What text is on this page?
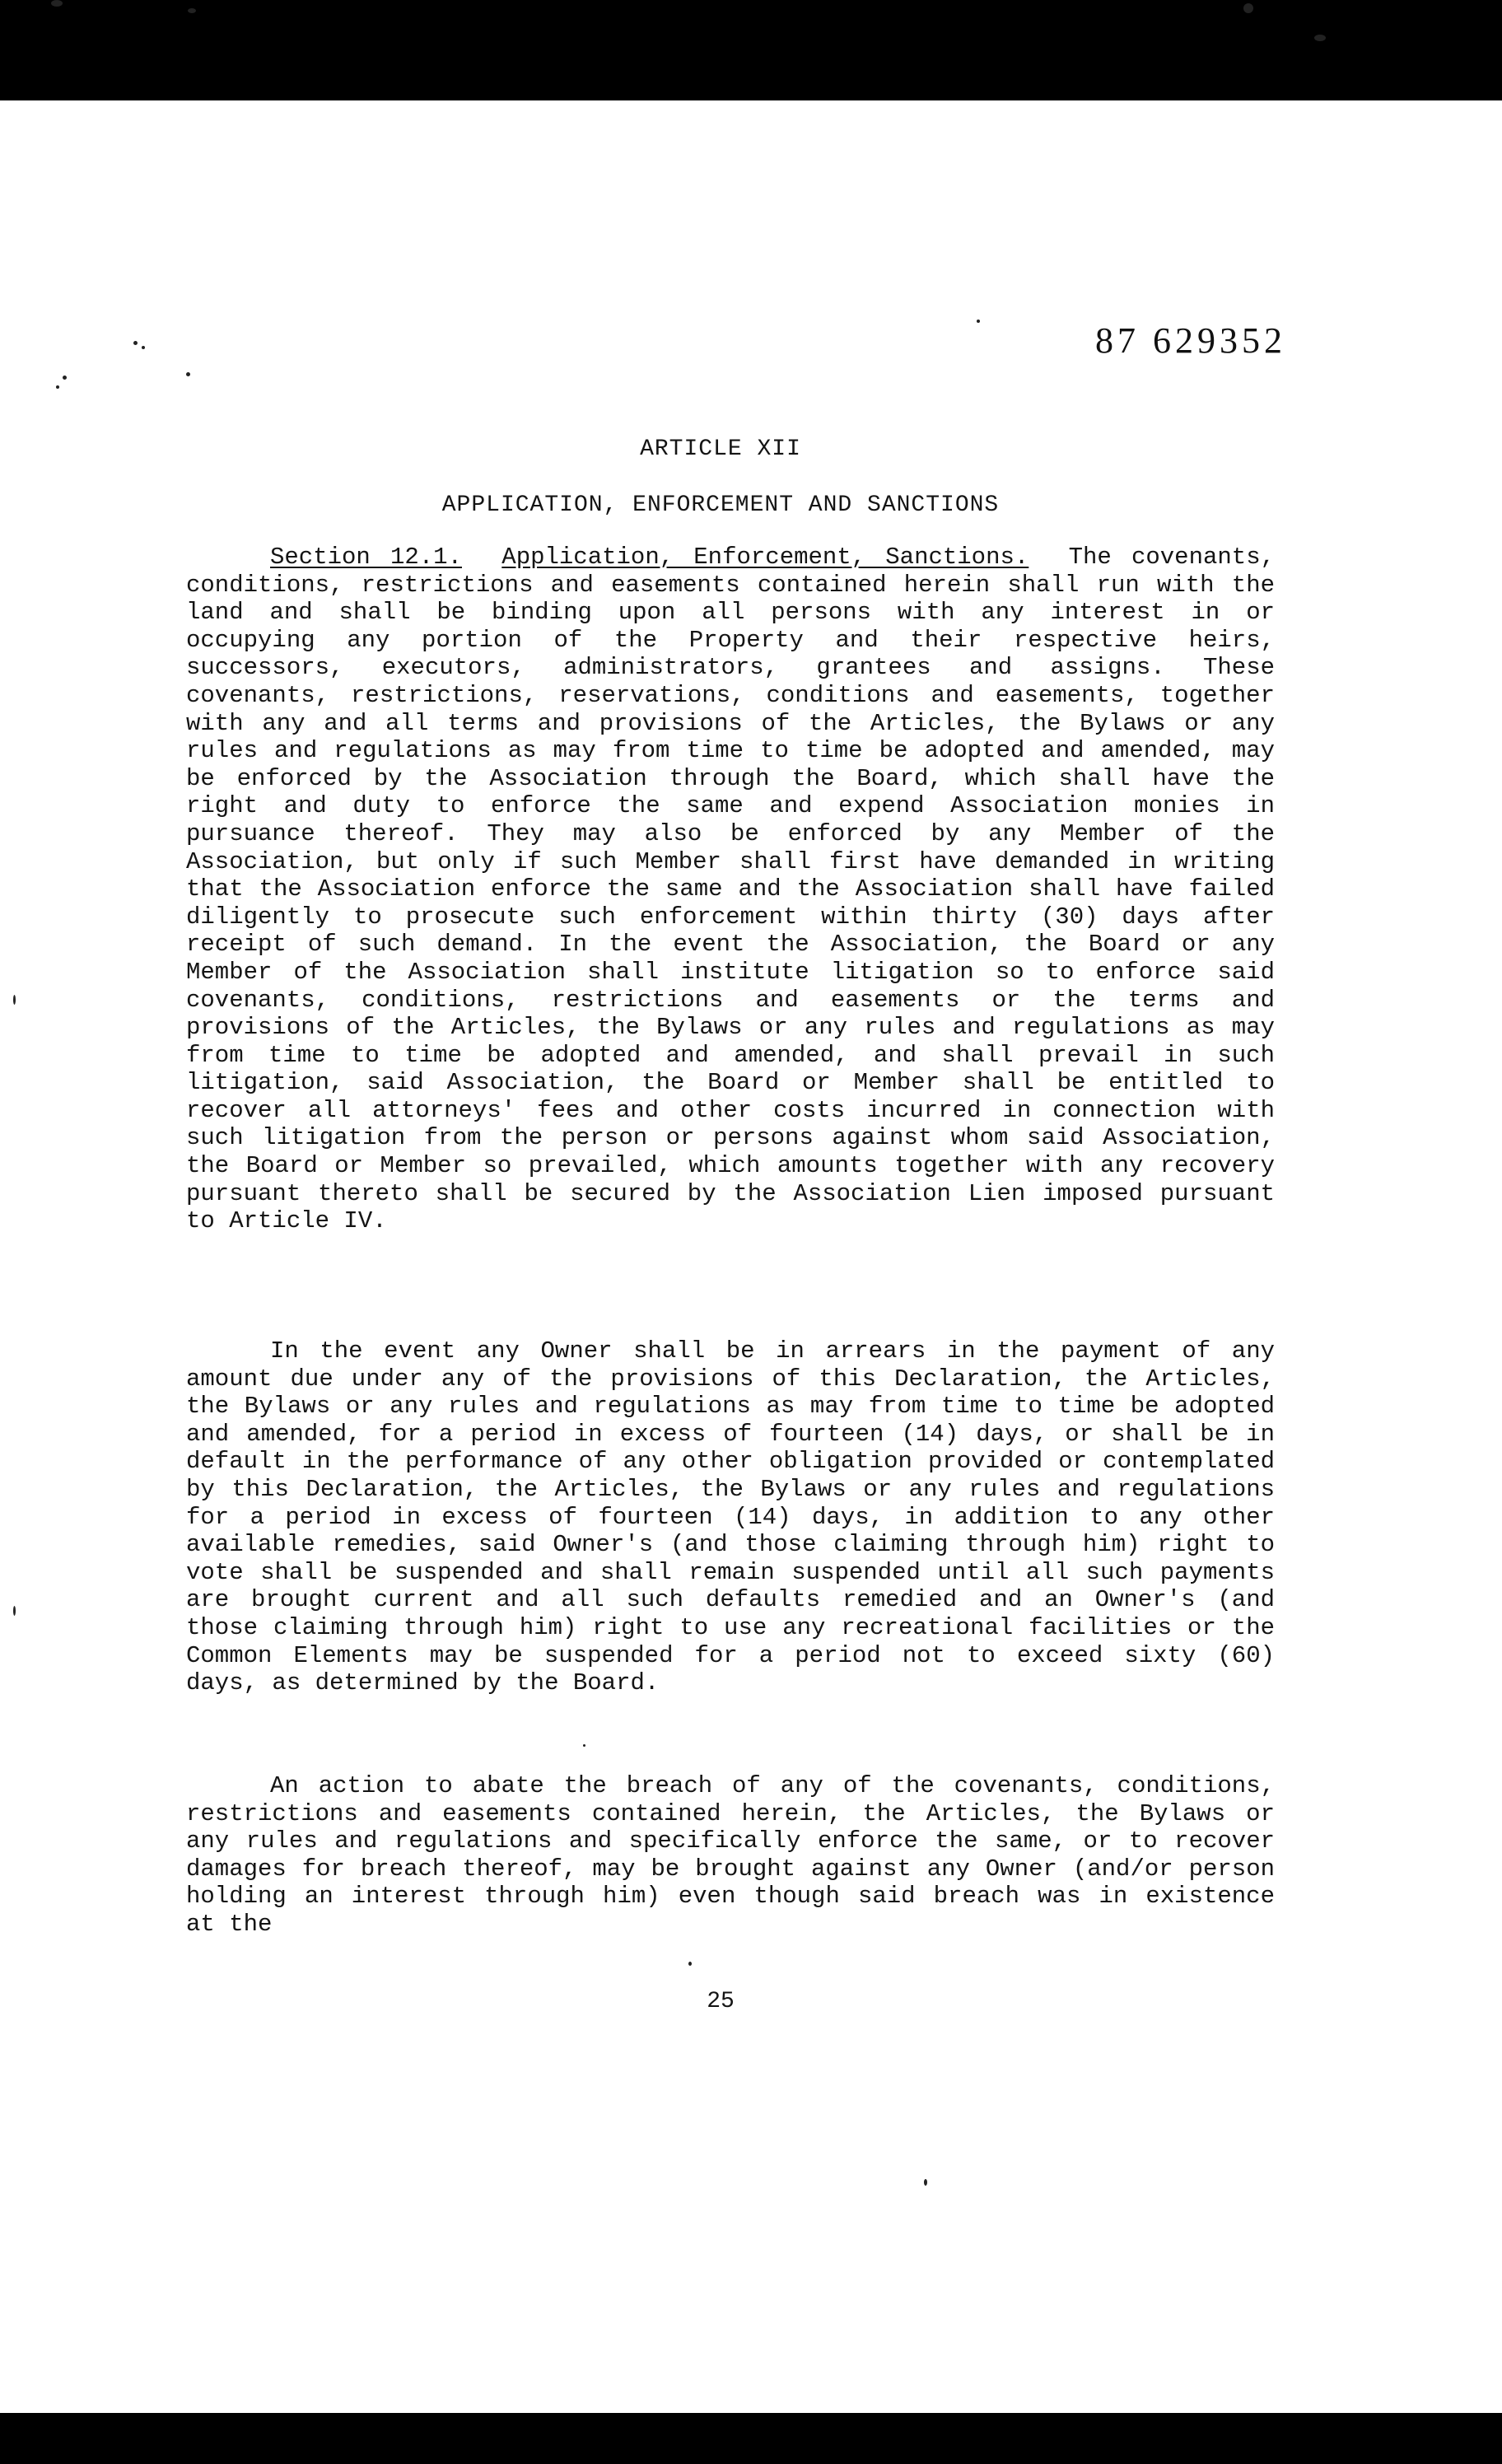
87 629352
ARTICLE XII
APPLICATION, ENFORCEMENT AND SANCTIONS
Section 12.1. Application, Enforcement, Sanctions. The covenants, conditions, restrictions and easements contained herein shall run with the land and shall be binding upon all persons with any interest in or occupying any portion of the Property and their respective heirs, successors, executors, administrators, grantees and assigns. These covenants, restrictions, reservations, conditions and easements, together with any and all terms and provisions of the Articles, the Bylaws or any rules and regulations as may from time to time be adopted and amended, may be enforced by the Association through the Board, which shall have the right and duty to enforce the same and expend Association monies in pursuance thereof. They may also be enforced by any Member of the Association, but only if such Member shall first have demanded in writing that the Association enforce the same and the Association shall have failed diligently to prosecute such enforcement within thirty (30) days after receipt of such demand. In the event the Association, the Board or any Member of the Association shall institute litigation so to enforce said covenants, conditions, restrictions and easements or the terms and provisions of the Articles, the Bylaws or any rules and regulations as may from time to time be adopted and amended, and shall prevail in such litigation, said Association, the Board or Member shall be entitled to recover all attorneys' fees and other costs incurred in connection with such litigation from the person or persons against whom said Association, the Board or Member so prevailed, which amounts together with any recovery pursuant thereto shall be secured by the Association Lien imposed pursuant to Article IV.
In the event any Owner shall be in arrears in the payment of any amount due under any of the provisions of this Declaration, the Articles, the Bylaws or any rules and regulations as may from time to time be adopted and amended, for a period in excess of fourteen (14) days, or shall be in default in the performance of any other obligation provided or contemplated by this Declaration, the Articles, the Bylaws or any rules and regulations for a period in excess of fourteen (14) days, in addition to any other available remedies, said Owner's (and those claiming through him) right to vote shall be suspended and shall remain suspended until all such payments are brought current and all such defaults remedied and an Owner's (and those claiming through him) right to use any recreational facilities or the Common Elements may be suspended for a period not to exceed sixty (60) days, as determined by the Board.
An action to abate the breach of any of the covenants, conditions, restrictions and easements contained herein, the Articles, the Bylaws or any rules and regulations and specifically enforce the same, or to recover damages for breach thereof, may be brought against any Owner (and/or person holding an interest through him) even though said breach was in existence at the
25
